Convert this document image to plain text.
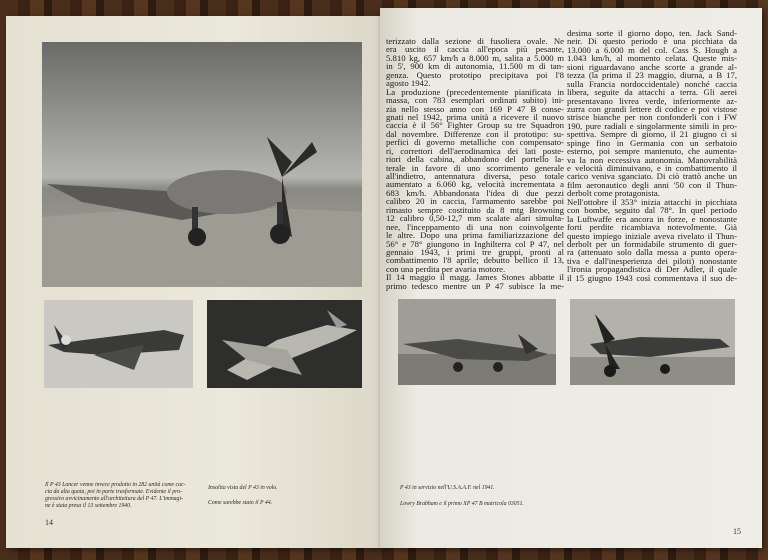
Il P 43 Lancer venne invece prodotto in 282 unità come cac-
cia da alta quota, poi in parte trasformate. Evidente il pro-
gressivo avvicinamento all'architettura del P 47. L'immagi-
ne è stata presa il 13 settembre 1940.
Insolita vista del P 43 in volo.
Come sarebbe stato il P 44.
14
terizzato dalla sezione di fusoliera ovale. Ne
era uscito il caccia all'epoca più pesante,
5.810 kg, 657 km/h a 8.000 m, salita a 5.000 m
in 5', 900 km di autonomia, 11.500 m di tan-
genza. Questo prototipo precipitava poi l'8
agosto 1942.
La produzione (precedentemente pianificata in
massa, con 783 esemplari ordinati subito) ini-
zia nello stesso anno con 169 P 47 B conse-
gnati nel 1942, prima unità a ricevere il nuovo
caccia è il 56° Fighter Group su tre Squadron
dal novembre. Differenze con il prototipo: su-
perfici di governo metalliche con compensato-
ri, correttori dell'aerodinamica dei lati poste-
riori della cabina, abbandono del portello la-
terale in favore di uno scorrimento generale
all'indietro, antennatura diversa, peso totale
aumentato a 6.060 kg, velocità incrementata a
683 km/h. Abbandonata l'idea di due pezzi
calibro 20 in caccia, l'armamento sarebbe poi
rimasto sempre costituito da 8 mtg Browning
12 calibro 0,50-12,7 mm scalate alari simulta-
nee, l'inceppamento di una non coinvolgente
le altre. Dopo una prima familiarizzazione del
56° e 78° giungono in Inghilterra col P 47, nel
gennaio 1943, i primi tre gruppi, pronti al
combattimento l'8 aprile; debutto bellico il 13,
con una perdita per avaria motore.
Il 14 maggio il magg. James Stones abbatte il
primo tedesco mentre un P 47 subisce la me-
desima sorte il giorno dopo, ten. Jack Sand-
neir. Di questo periodo è una picchiata da
13.000 a 6.000 m del col. Cass S. Hough a
1.043 km/h, al momento celata. Queste mis-
sioni riguardavano anche scorte a grande al-
tezza (la prima il 23 maggio, diurna, a B 17,
sulla Francia nordoccidentale) nonché caccia
libera, seguite da attacchi a terra. Gli aerei
presentavano livrea verde, inferiormente az-
zurra con grandi lettere di codice e poi vistose
strisce bianche per non confonderli con i FW
190, pure radiali e singolarmente simili in pro-
spettiva. Sempre di giorno, il 21 giugno ci si
spinge fino in Germania con un serbatoio
esterno, poi sempre mantenuto, che aumenta-
va la non eccessiva autonomia. Manovrabilità
e velocità diminuivano, e in combattimento il
carico veniva sganciato. Di ciò trattò anche un
film aeronautico degli anni '50 con il Thun-
derbolt come protagonista.
Nell'ottobre il 353° inizia attacchi in picchiata
con bombe, seguito dal 78°. In quel periodo
la Luftwaffe era ancora in forze, e nonostante
forti perdite ricambiava notevolmente. Già
questo impiego iniziale aveva rivelato il Thun-
derbolt per un formidabile strumento di guer-
ra (attenuato solo dalla messa a punto opera-
tiva e dall'inesperienza dei piloti) nonostante
l'ironia propagandistica di Der Adler, il quale
il 15 giugno 1943 così commentava il suo de-
P 43 in servizio nell'U.S.A.A.F. nel 1941.
Lowry Brabham e il primo XP 47 B matricola 03051.
15
